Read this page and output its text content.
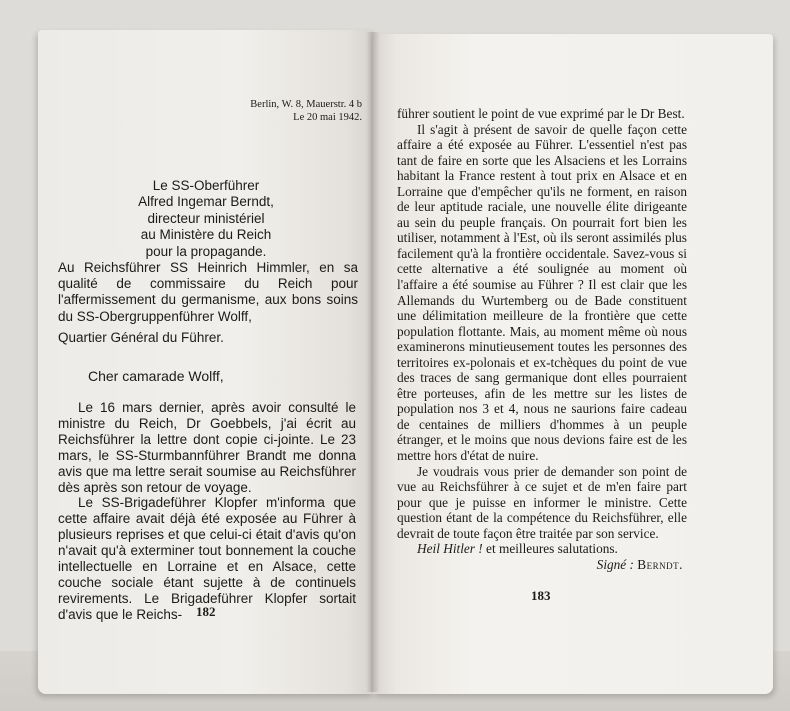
Berlin, W. 8, Mauerstr. 4 b
Le 20 mai 1942.
Le SS-Oberführer
Alfred Ingemar Berndt,
directeur ministériel
au Ministère du Reich
pour la propagande.
Au Reichsführer SS Heinrich Himmler, en sa qualité de commissaire du Reich pour l'affermissement du germanisme, aux bons soins du SS-Obergruppenführer Wolff,
Quartier Général du Führer.
Cher camarade Wolff,

Le 16 mars dernier, après avoir consulté le ministre du Reich, Dr Goebbels, j'ai écrit au Reichsführer la lettre dont copie ci-jointe. Le 23 mars, le SS-Sturmbannführer Brandt me donna avis que ma lettre serait soumise au Reichsführer dès après son retour de voyage.

Le SS-Brigadeführer Klopfer m'informa que cette affaire avait déjà été exposée au Führer à plusieurs reprises et que celui-ci était d'avis qu'on n'avait qu'à exterminer tout bonnement la couche intellectuelle en Lorraine et en Alsace, cette couche sociale étant sujette à de continuels revirements. Le Brigadeführer Klopfer sortait d'avis que le Reichs-	182

führer soutient le point de vue exprimé par le Dr Best.

Il s'agit à présent de savoir de quelle façon cette affaire a été exposée au Führer. L'essentiel n'est pas tant de faire en sorte que les Alsaciens et les Lorrains habitant la France restent à tout prix en Alsace et en Lorraine que d'empêcher qu'ils ne forment, en raison de leur aptitude raciale, une nouvelle élite dirigeante au sein du peuple français. On pourrait fort bien les utiliser, notamment à l'Est, où ils seront assimilés plus facilement qu'à la frontière occidentale. Savez-vous si cette alternative a été soulignée au moment où l'affaire a été soumise au Führer ? Il est clair que les Allemands du Wurtemberg ou de Bade constituent une délimitation meilleure de la frontière que cette population flottante. Mais, au moment même où nous examinerons minutieusement toutes les personnes des territoires ex-polonais et ex-tchèques du point de vue des traces de sang germanique dont elles pourraient être porteuses, afin de les mettre sur les listes de population nos 3 et 4, nous ne saurions faire cadeau de centaines de milliers d'hommes à un peuple étranger, et le moins que nous devions faire est de les mettre hors d'état de nuire.

Je voudrais vous prier de demander son point de vue au Reichsführer à ce sujet et de m'en faire part pour que je puisse en informer le ministre. Cette question étant de la compétence du Reichsführer, elle devrait de toute façon être traitée par son service.

Heil Hitler ! et meilleures salutations.
Signé : Berndt.
183
